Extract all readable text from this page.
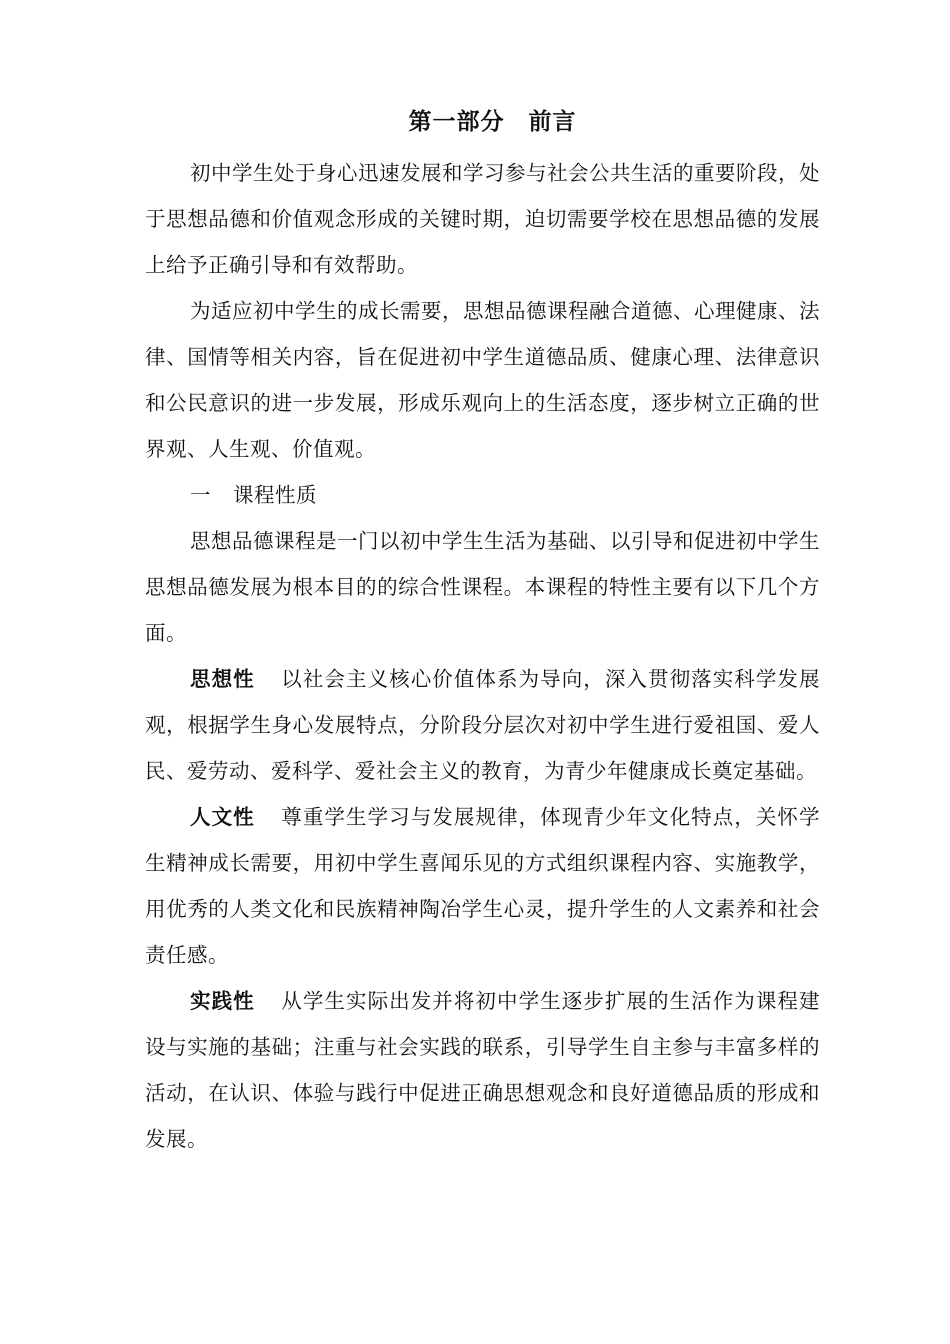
第一部分　前言

初中学生处于身心迅速发展和学习参与社会公共生活的重要阶段，处于思想品德和价值观念形成的关键时期，迫切需要学校在思想品德的发展上给予正确引导和有效帮助。

为适应初中学生的成长需要，思想品德课程融合道德、心理健康、法律、国情等相关内容，旨在促进初中学生道德品质、健康心理、法律意识和公民意识的进一步发展，形成乐观向上的生活态度，逐步树立正确的世界观、人生观、价值观。

一 课程性质

思想品德课程是一门以初中学生生活为基础、以引导和促进初中学生思想品德发展为根本目的的综合性课程。本课程的特性主要有以下几个方面。

思想性 以社会主义核心价值体系为导向，深入贯彻落实科学发展观，根据学生身心发展特点，分阶段分层次对初中学生进行爱祖国、爱人民、爱劳动、爱科学、爱社会主义的教育，为青少年健康成长奠定基础。

人文性 尊重学生学习与发展规律，体现青少年文化特点，关怀学生精神成长需要，用初中学生喜闻乐见的方式组织课程内容、实施教学，用优秀的人类文化和民族精神陶冶学生心灵，提升学生的人文素养和社会责任感。

实践性 从学生实际出发并将初中学生逐步扩展的生活作为课程建设与实施的基础；注重与社会实践的联系，引导学生自主参与丰富多样的活动，在认识、体验与践行中促进正确思想观念和良好道德品质的形成和发展。
